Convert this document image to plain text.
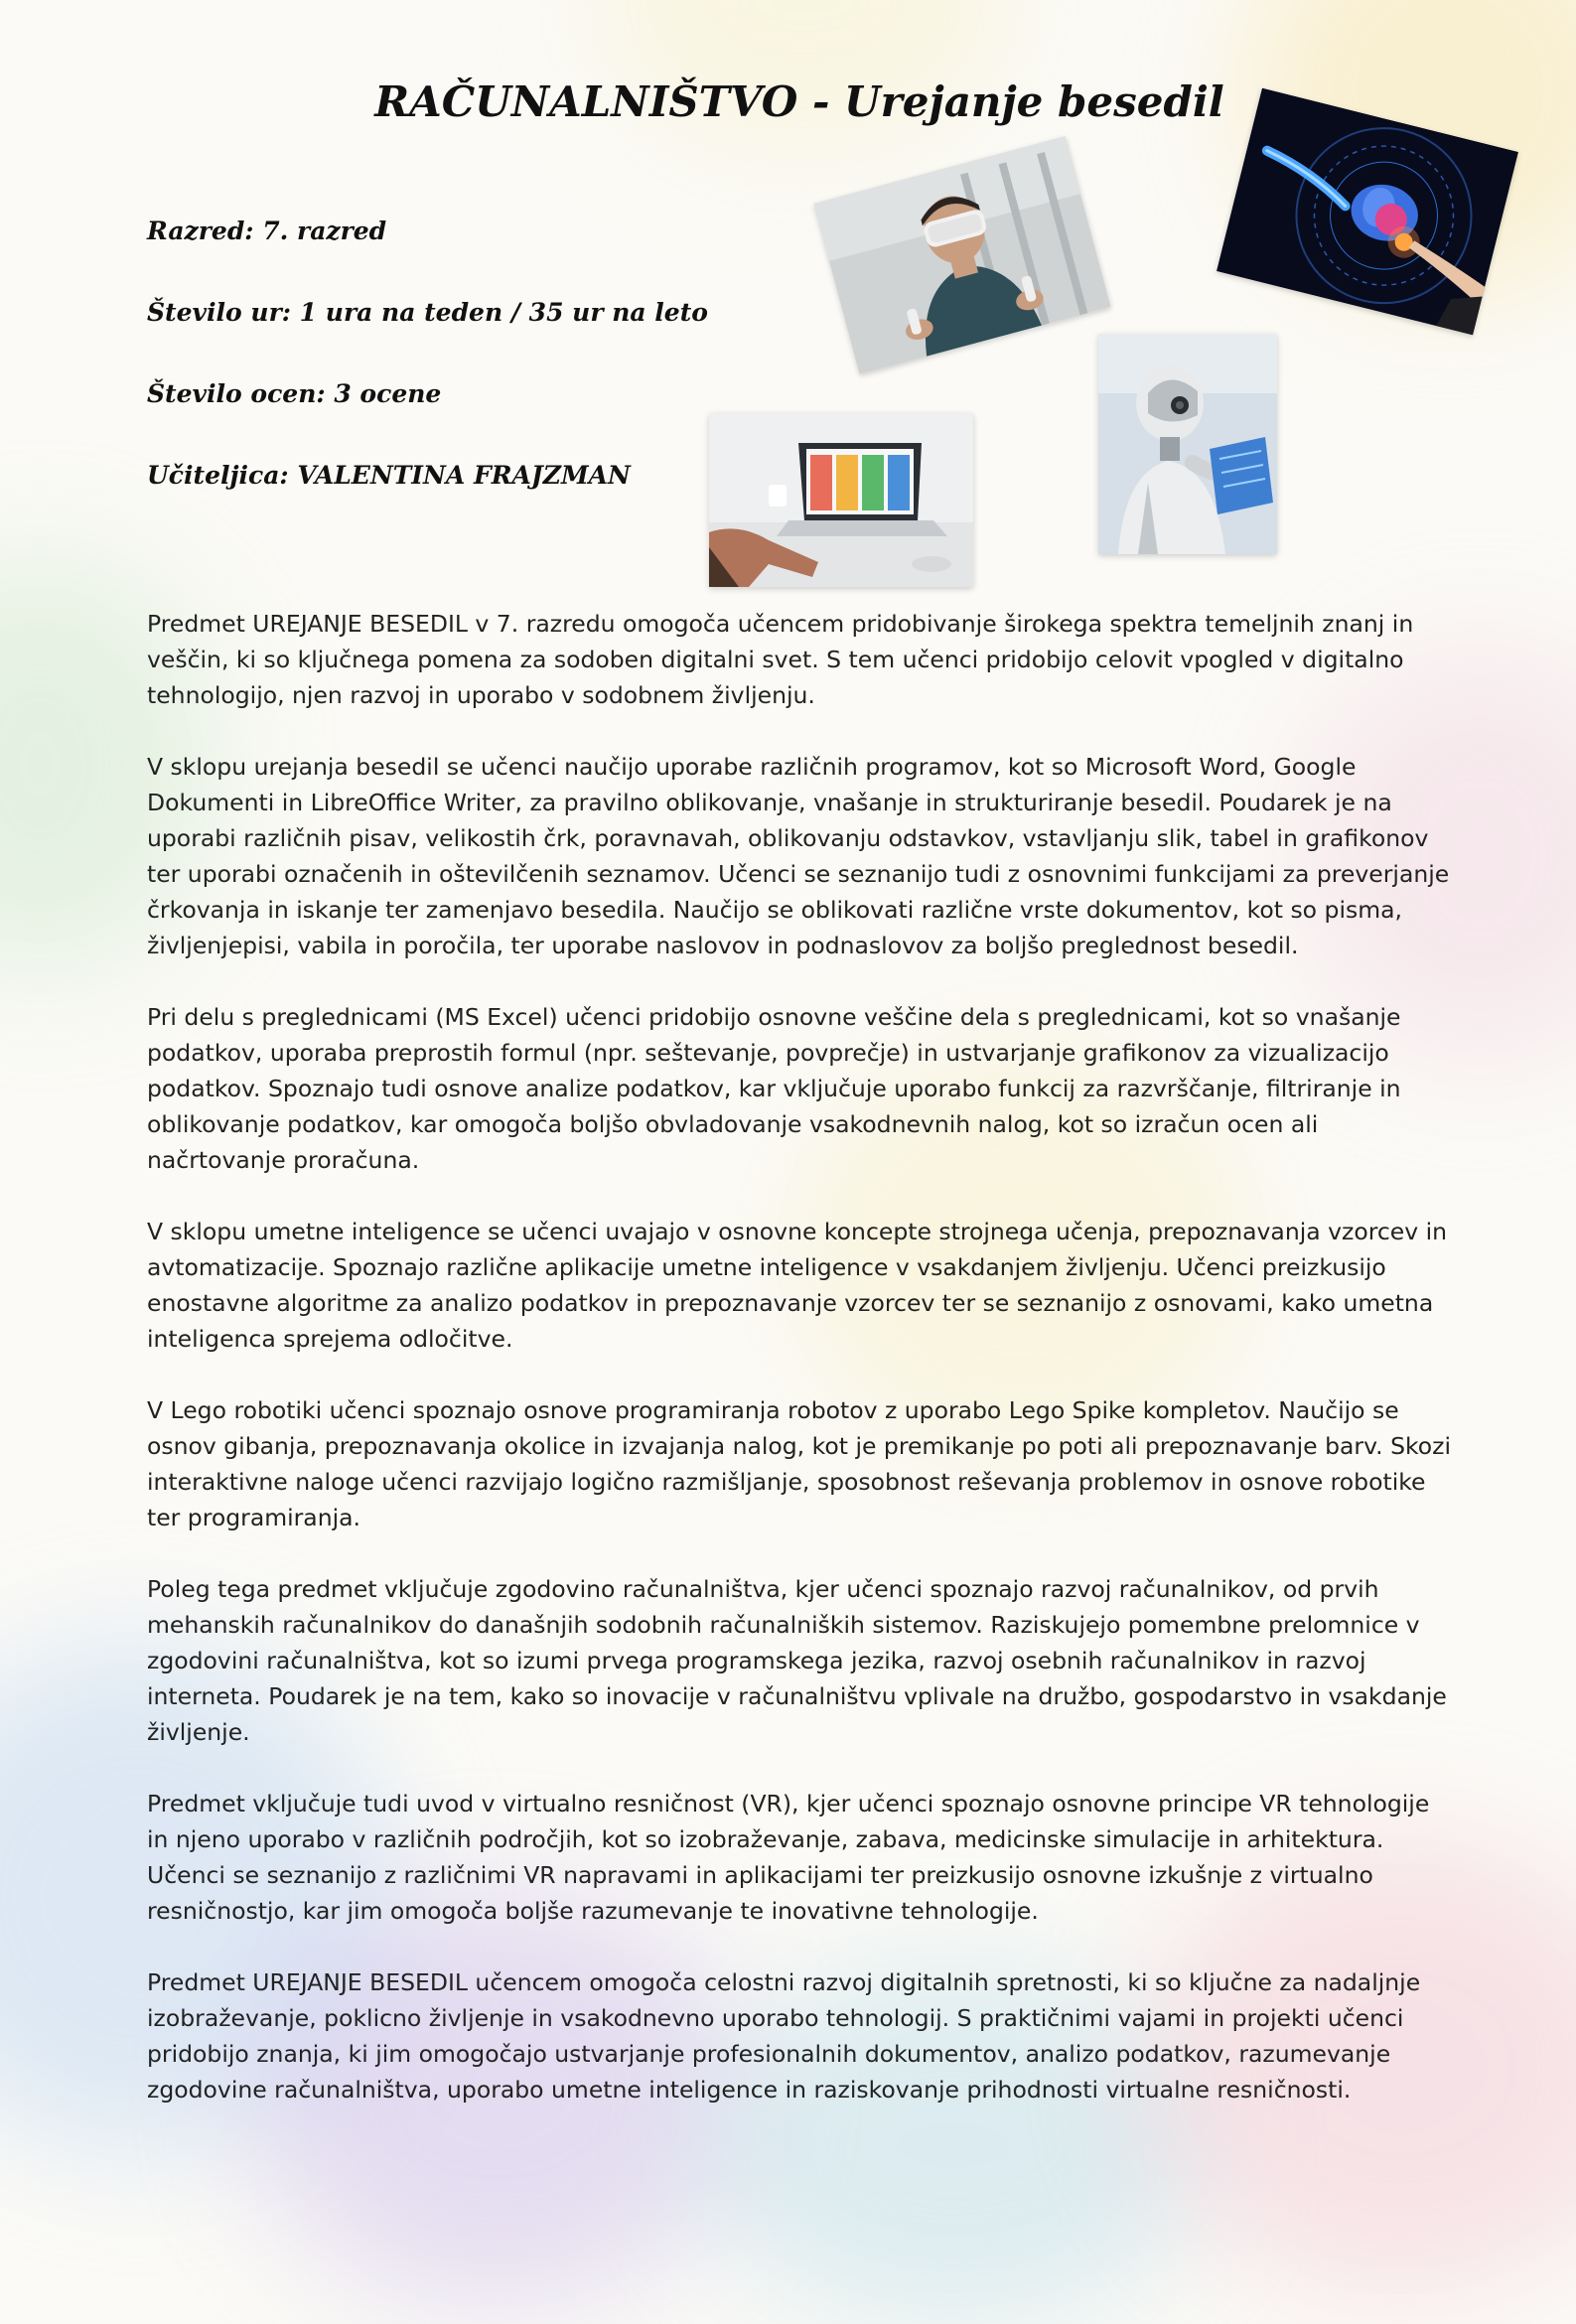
RAČUNALNIŠTVO - Urejanje besedil

Razred: 7. razred

Število ur: 1 ura na teden / 35 ur na leto

Število ocen: 3 ocene

Učiteljica: VALENTINA FRAJZMAN

Predmet UREJANJE BESEDIL v 7. razredu omogoča učencem pridobivanje širokega spektra temeljnih znanj in veščin, ki so ključnega pomena za sodoben digitalni svet. S tem učenci pridobijo celovit vpogled v digitalno tehnologijo, njen razvoj in uporabo v sodobnem življenju.

V sklopu urejanja besedil se učenci naučijo uporabe različnih programov, kot so Microsoft Word, Google Dokumenti in LibreOffice Writer, za pravilno oblikovanje, vnašanje in strukturiranje besedil. Poudarek je na uporabi različnih pisav, velikostih črk, poravnavah, oblikovanju odstavkov, vstavljanju slik, tabel in grafikonov ter uporabi označenih in oštevilčenih seznamov. Učenci se seznanijo tudi z osnovnimi funkcijami za preverjanje črkovanja in iskanje ter zamenjavo besedila. Naučijo se oblikovati različne vrste dokumentov, kot so pisma, življenjepisi, vabila in poročila, ter uporabe naslovov in podnaslovov za boljšo preglednost besedil.

Pri delu s preglednicami (MS Excel) učenci pridobijo osnovne veščine dela s preglednicami, kot so vnašanje podatkov, uporaba preprostih formul (npr. seštevanje, povprečje) in ustvarjanje grafikonov za vizualizacijo podatkov. Spoznajo tudi osnove analize podatkov, kar vključuje uporabo funkcij za razvrščanje, filtriranje in oblikovanje podatkov, kar omogoča boljšo obvladovanje vsakodnevnih nalog, kot so izračun ocen ali načrtovanje proračuna.

V sklopu umetne inteligence se učenci uvajajo v osnovne koncepte strojnega učenja, prepoznavanja vzorcev in avtomatizacije. Spoznajo različne aplikacije umetne inteligence v vsakdanjem življenju. Učenci preizkusijo enostavne algoritme za analizo podatkov in prepoznavanje vzorcev ter se seznanijo z osnovami, kako umetna inteligenca sprejema odločitve.

V Lego robotiki učenci spoznajo osnove programiranja robotov z uporabo Lego Spike kompletov. Naučijo se osnov gibanja, prepoznavanja okolice in izvajanja nalog, kot je premikanje po poti ali prepoznavanje barv. Skozi interaktivne naloge učenci razvijajo logično razmišljanje, sposobnost reševanja problemov in osnove robotike ter programiranja.

Poleg tega predmet vključuje zgodovino računalništva, kjer učenci spoznajo razvoj računalnikov, od prvih mehanskih računalnikov do današnjih sodobnih računalniških sistemov. Raziskujejo pomembne prelomnice v zgodovini računalništva, kot so izumi prvega programskega jezika, razvoj osebnih računalnikov in razvoj interneta. Poudarek je na tem, kako so inovacije v računalništvu vplivale na družbo, gospodarstvo in vsakdanje življenje.

Predmet vključuje tudi uvod v virtualno resničnost (VR), kjer učenci spoznajo osnovne principe VR tehnologije in njeno uporabo v različnih področjih, kot so izobraževanje, zabava, medicinske simulacije in arhitektura. Učenci se seznanijo z različnimi VR napravami in aplikacijami ter preizkusijo osnovne izkušnje z virtualno resničnostjo, kar jim omogoča boljše razumevanje te inovativne tehnologije.

Predmet UREJANJE BESEDIL učencem omogoča celostni razvoj digitalnih spretnosti, ki so ključne za nadaljnje izobraževanje, poklicno življenje in vsakodnevno uporabo tehnologij. S praktičnimi vajami in projekti učenci pridobijo znanja, ki jim omogočajo ustvarjanje profesionalnih dokumentov, analizo podatkov, razumevanje zgodovine računalništva, uporabo umetne inteligence in raziskovanje prihodnosti virtualne resničnosti.
